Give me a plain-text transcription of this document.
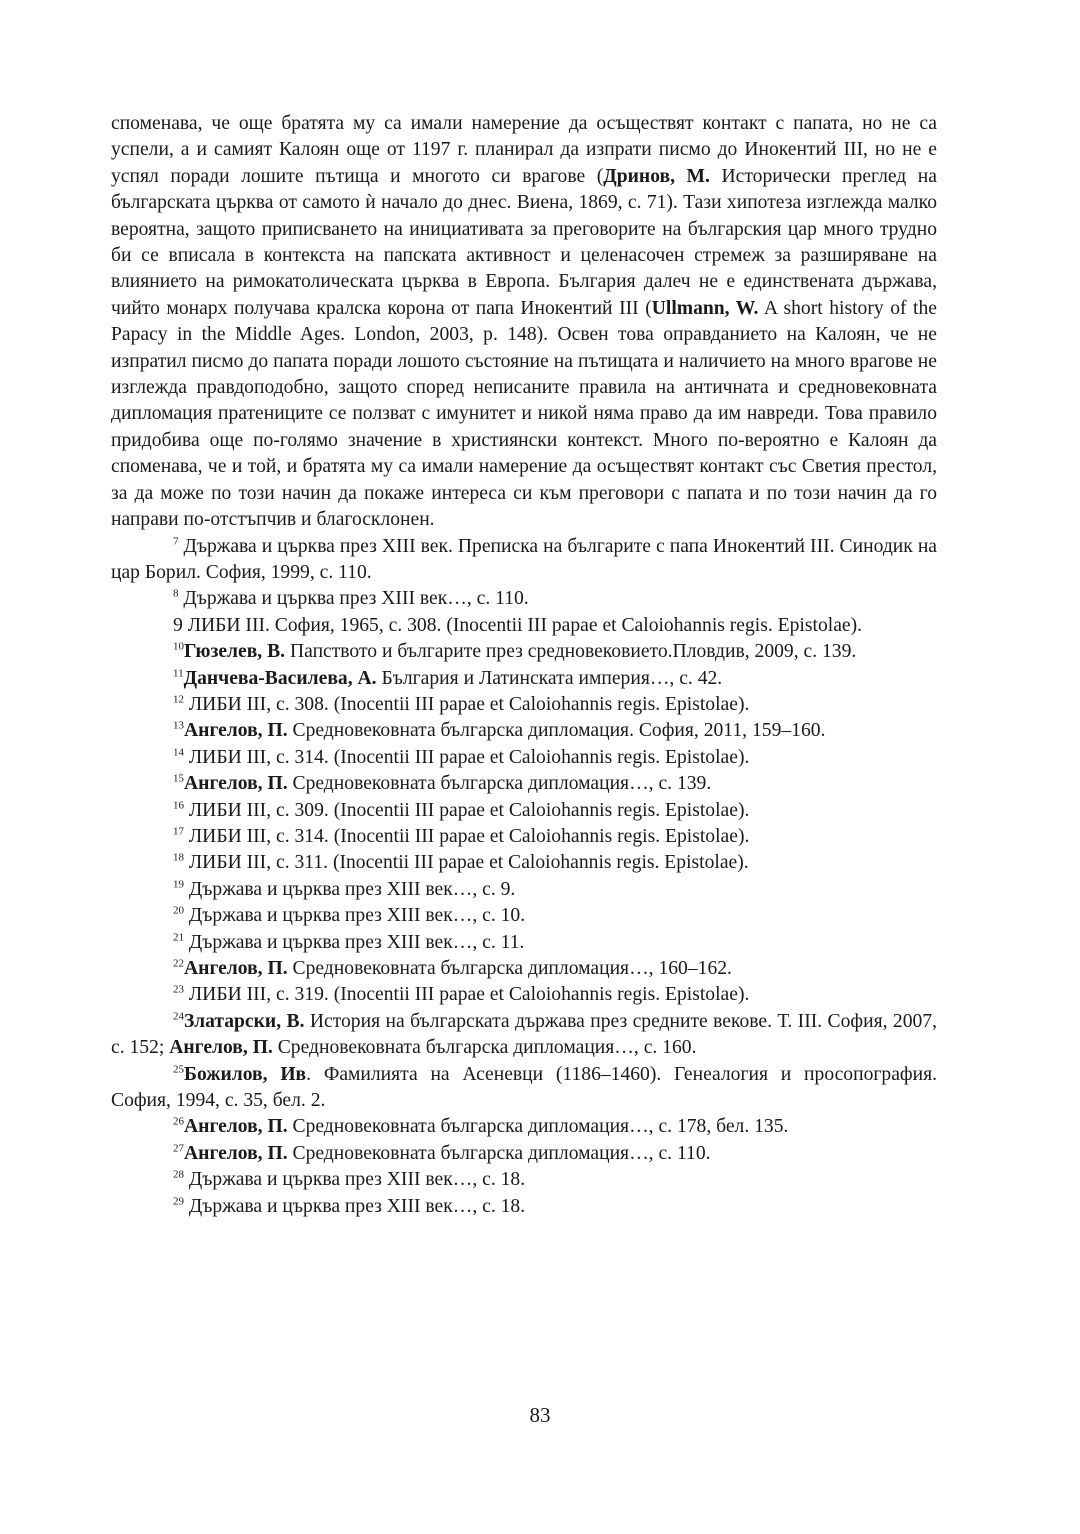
споменава, че още братята му са имали намерение да осъществят контакт с папата, но не са успели, а и самият Калоян още от 1197 г. планирал да изпрати писмо до Инокентий III, но не е успял поради лошите пътища и многото си врагове (Дринов, М. Исторически преглед на българската църква от самото ѝ начало до днес. Виена, 1869, с. 71). Тази хипотеза изглежда малко вероятна, защото приписването на инициативата за преговорите на българския цар много трудно би се вписала в контекста на папската активност и целенасочен стремеж за разширяване на влиянието на римокатолическата църква в Европа. България далеч не е единствената държава, чийто монарх получава кралска корона от папа Инокентий III (Ullmann, W. A short history of the Papacy in the Middle Ages. London, 2003, p. 148). Освен това оправданието на Калоян, че не изпратил писмо до папата поради лошото състояние на пътищата и наличието на много врагове не изглежда правдоподобно, защото според неписаните правила на античната и средновековната дипломация пратениците се ползват с имунитет и никой няма право да им навреди. Това правило придобива още по-голямо значение в християнски контекст. Много по-вероятно е Калоян да споменава, че и той, и братята му са имали намерение да осъществят контакт със Светия престол, за да може по този начин да покаже интереса си към преговори с папата и по този начин да го направи по-отстъпчив и благосклонен.

$^7$ Държава и църква през XIII век. Преписка на българите с папа Инокентий III. Синодик на цар Борил. София, 1999, с. 110.

$^8$ Държава и църква през XIII век…, с. 110.

9 ЛИБИ III. София, 1965, с. 308. (Inocentii III papae et Caloiohannis regis. Epistolae).

$^{10}$Гюзелев, В. Папството и българите през средновековието.Пловдив, 2009, с. 139.

$^{11}$Данчева-Василева, А. България и Латинската империя…, с. 42.

$^{12}$ ЛИБИ III, с. 308. (Inocentii III papae et Caloiohannis regis. Epistolae).

$^{13}$Ангелов, П. Средновековната българска дипломация. София, 2011, 159–160.

$^{14}$ ЛИБИ III, с. 314. (Inocentii III papae et Caloiohannis regis. Epistolae).

$^{15}$Ангелов, П. Средновековната българска дипломация…, с. 139.

$^{16}$ ЛИБИ III, с. 309. (Inocentii III papae et Caloiohannis regis. Epistolae).

$^{17}$ ЛИБИ III, с. 314. (Inocentii III papae et Caloiohannis regis. Epistolae).

$^{18}$ ЛИБИ III, с. 311. (Inocentii III papae et Caloiohannis regis. Epistolae).

$^{19}$ Държава и църква през XIII век…, с. 9.

$^{20}$ Държава и църква през XIII век…, с. 10.

$^{21}$ Държава и църква през XIII век…, с. 11.

$^{22}$Ангелов, П. Средновековната българска дипломация…, 160–162.

$^{23}$ ЛИБИ III, с. 319. (Inocentii III papae et Caloiohannis regis. Epistolae).

$^{24}$Златарски, В. История на българската държава през средните векове. Т. III. София, 2007, с. 152; Ангелов, П. Средновековната българска дипломация…, с. 160.

$^{25}$Божилов, Ив. Фамилията на Асеневци (1186–1460). Генеалогия и просопография. София, 1994, с. 35, бел. 2.

$^{26}$Ангелов, П. Средновековната българска дипломация…, с. 178, бел. 135.

$^{27}$Ангелов, П. Средновековната българска дипломация…, с. 110.

$^{28}$ Държава и църква през XIII век…, с. 18.

$^{29}$ Държава и църква през XIII век…, с. 18.

83
